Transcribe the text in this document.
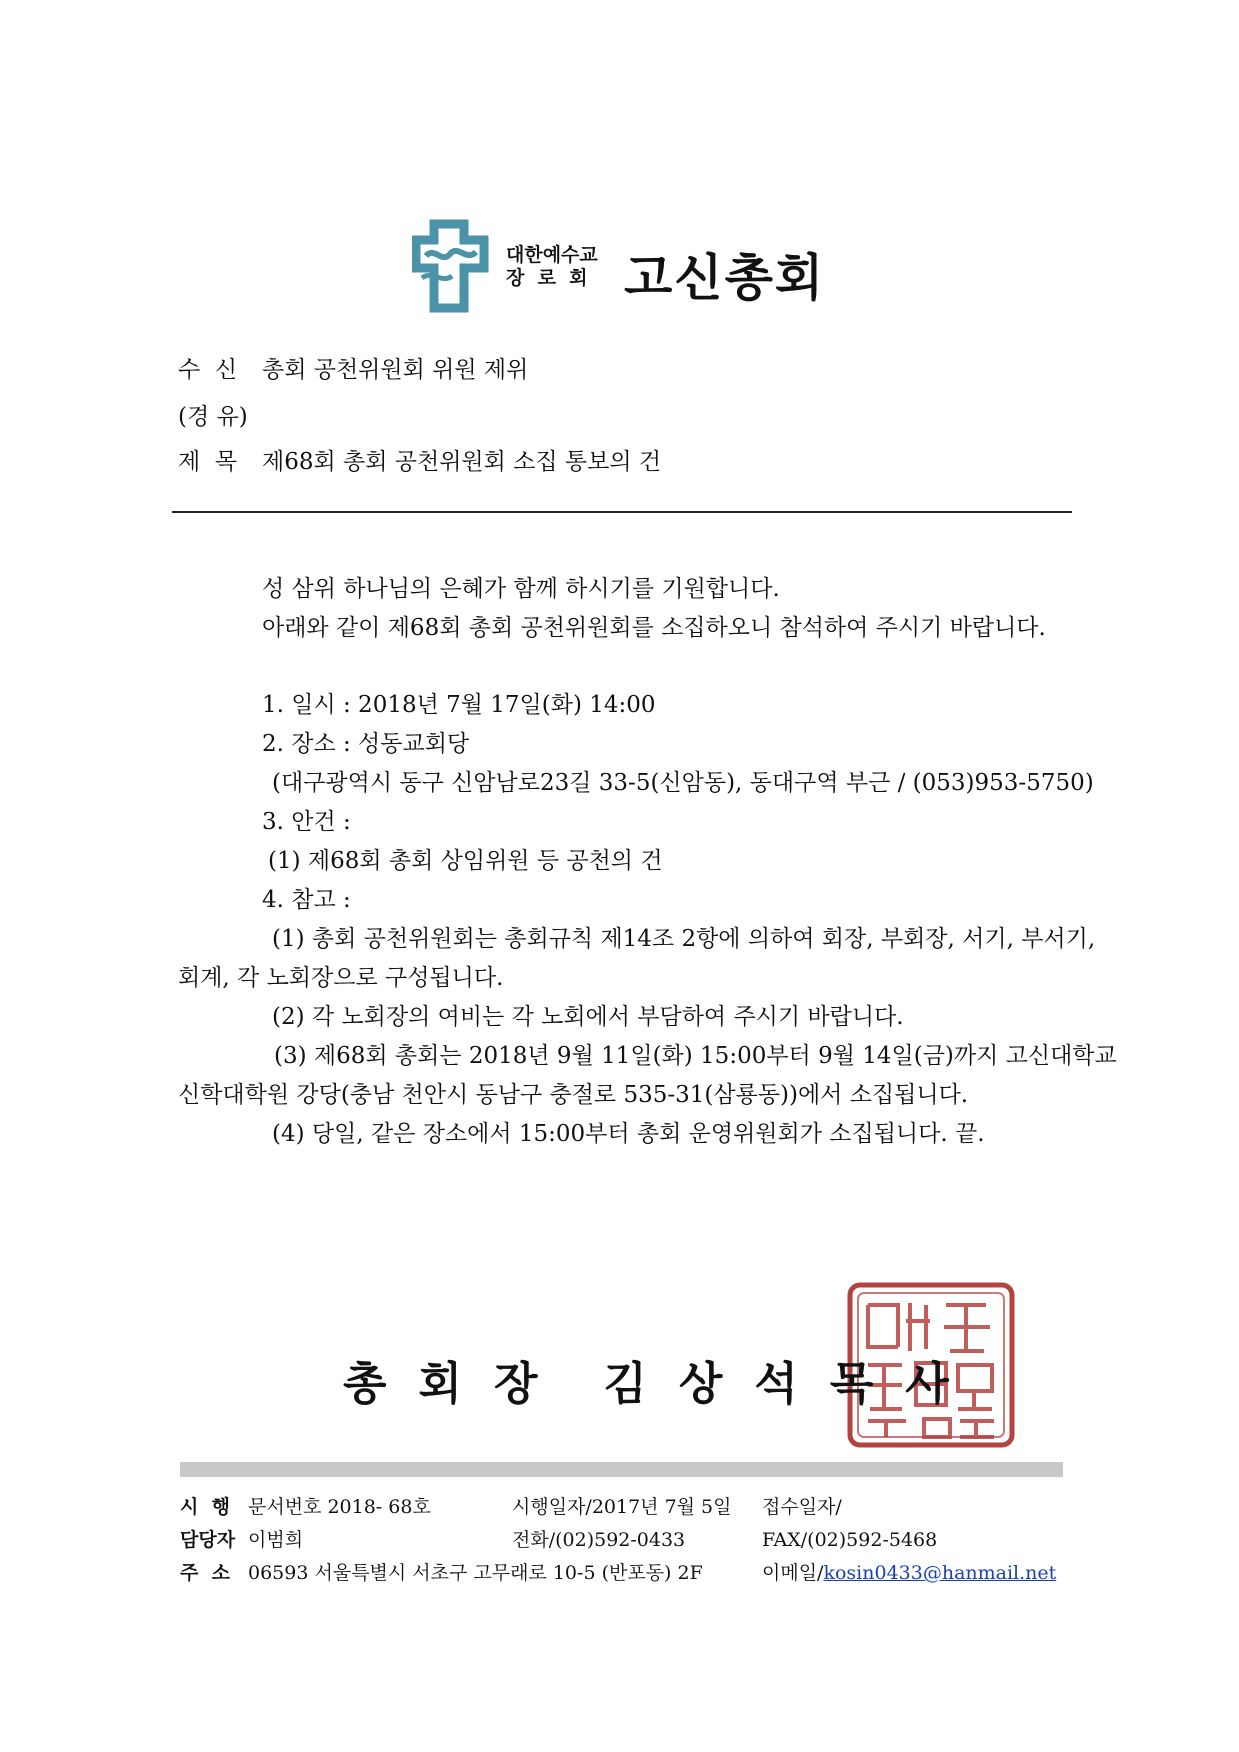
대한예수교
장  로  회 고신총회
수  신 총회 공천위원회 위원 제위
(경 유)
제  목 제68회 총회 공천위원회 소집 통보의 건
성 삼위 하나님의 은혜가 함께 하시기를 기원합니다.
아래와 같이 제68회 총회 공천위원회를 소집하오니 참석하여 주시기 바랍니다.
1. 일시 : 2018년 7월 17일(화) 14:00
2. 장소 : 성동교회당
(대구광역시 동구 신암남로23길 33-5(신암동), 동대구역 부근 / (053)953-5750)
3. 안건 :
(1) 제68회 총회 상임위원 등 공천의 건
4. 참고 :
(1) 총회 공천위원회는 총회규칙 제14조 2항에 의하여 회장, 부회장, 서기, 부서기,
회계, 각 노회장으로 구성됩니다.
(2) 각 노회장의 여비는 각 노회에서 부담하여 주시기 바랍니다.
(3) 제68회 총회는 2018년 9월 11일(화) 15:00부터 9월 14일(금)까지 고신대학교
신학대학원 강당(충남 천안시 동남구 충절로 535-31(삼룡동))에서 소집됩니다.
(4) 당일, 같은 장소에서 15:00부터 총회 운영위원회가 소집됩니다. 끝.
총회장 김상석목사
시  행 문서번호 2018- 68호	시행일자/2017년 7월 5일 접수일자/
담당자 이범희	전화/(02)592-0433	FAX/(02)592-5468
주  소 06593 서울특별시 서초구 고무래로 10-5 (반포동) 2F	이메일/kosin0433@hanmail.net
